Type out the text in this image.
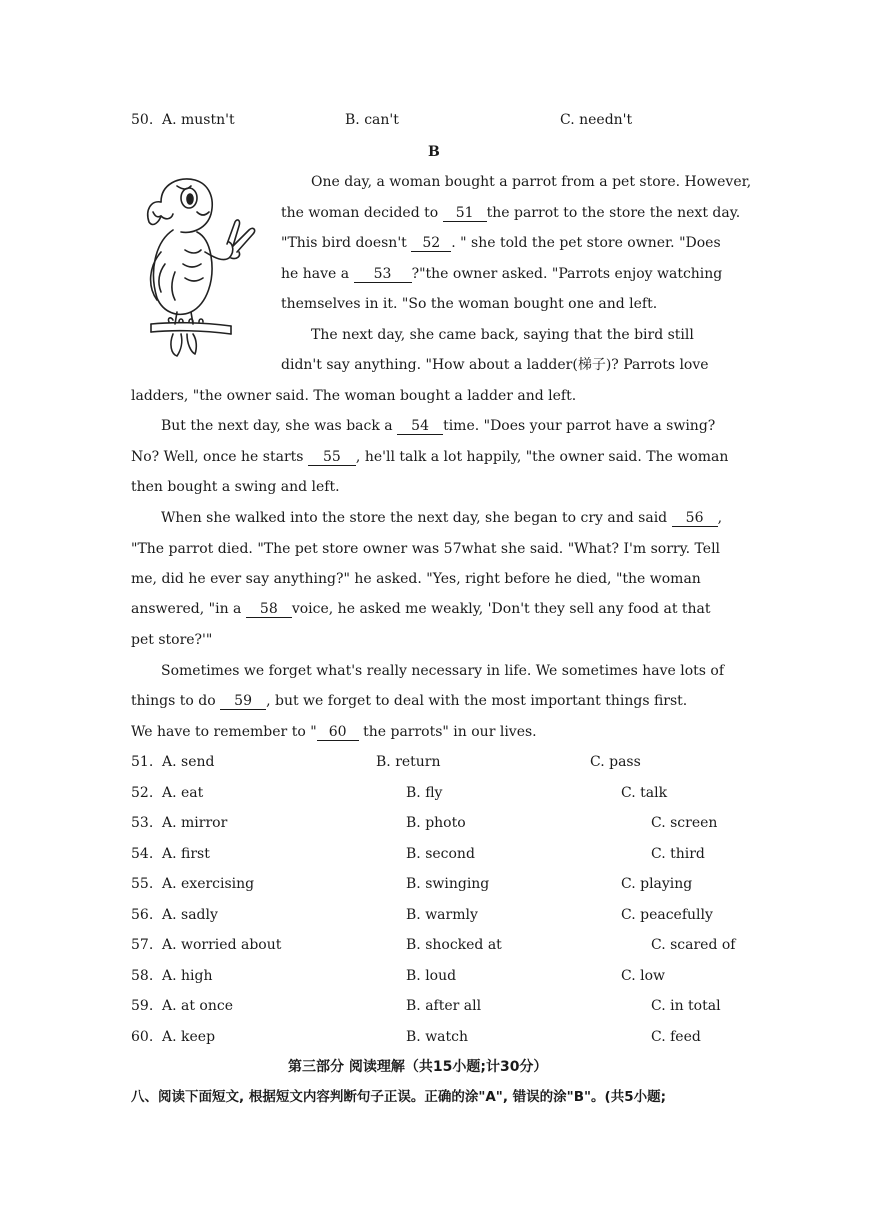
50. A. mustn't	B. can't	C. needn't
B
One day, a woman bought a parrot from a pet store. However,
the woman decided to 51 the parrot to the store the next day.
"This bird doesn't 52 . " she told the pet store owner. "Does
he have a 53 ?"the owner asked. "Parrots enjoy watching
themselves in it. "So the woman bought one and left.
The next day, she came back, saying that the bird still
didn't say anything. "How about a ladder(梯子)? Parrots love
ladders, "the owner said. The woman bought a ladder and left.
But the next day, she was back a 54 time. "Does your parrot have a swing?
No? Well, once he starts 55 , he'll talk a lot happily, "the owner said. The woman
then bought a swing and left.
When she walked into the store the next day, she began to cry and said 56 ,
"The parrot died. "The pet store owner was 57what she said. "What? I'm sorry. Tell
me, did he ever say anything?" he asked. "Yes, right before he died, "the woman
answered, "in a 58 voice, he asked me weakly, 'Don't they sell any food at that
pet store?'"
Sometimes we forget what's really necessary in life. We sometimes have lots of
things to do 59 , but we forget to deal with the most important things first.
We have to remember to " 60 the parrots" in our lives.
51. A. send	B. return	C. pass
52. A. eat	B. fly	C. talk
53. A. mirror	B. photo	C. screen
54. A. first	B. second	C. third
55. A. exercising	B. swinging	C. playing
56. A. sadly	B. warmly	C. peacefully
57. A. worried about	B. shocked at	C. scared of
58. A. high	B. loud	C. low
59. A. at once	B. after all	C. in total
60. A. keep	B. watch	C. feed
第三部分 阅读理解（共15小题;计30分）
八、阅读下面短文, 根据短文内容判断句子正误。正确的涂"A", 错误的涂"B"。(共5小题;
